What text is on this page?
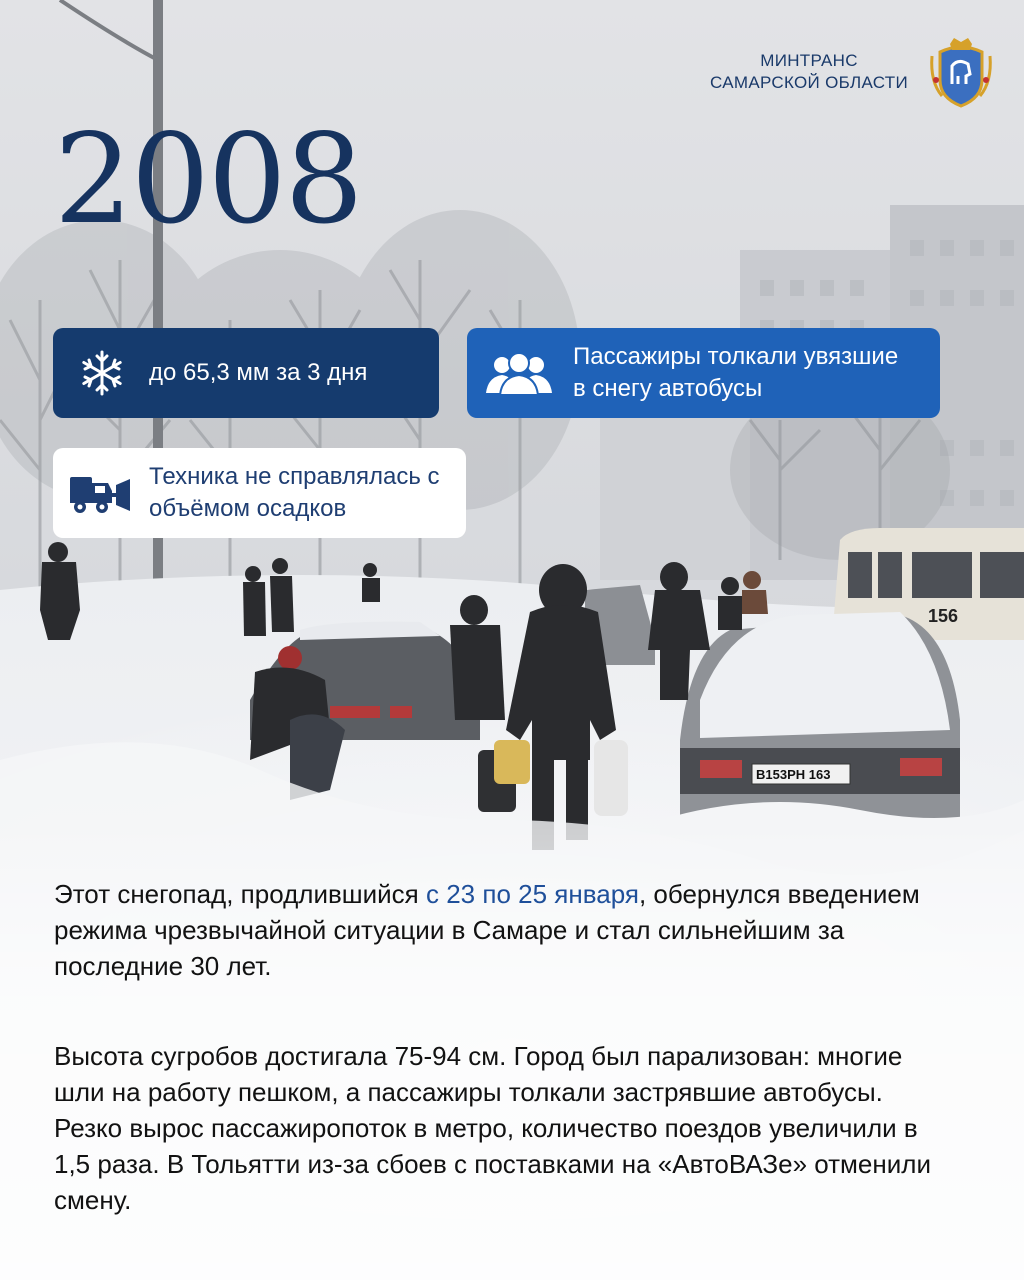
156
В153РН 163
МИНТРАНС
САМАРСКОЙ ОБЛАСТИ
2008
до 65,3 мм за 3 дня
Пассажиры толкали увязшие
в снегу автобусы
Техника не справлялась с
объёмом осадков
Этот снегопад, продлившийся с 23 по 25 января, обернулся введением режима чрезвычайной ситуации в Самаре и стал сильнейшим за последние 30 лет.
Высота сугробов достигала 75-94 см. Город был парализован: многие шли на работу пешком, а пассажиры толкали застрявшие автобусы. Резко вырос пассажиропоток в метро, количество поездов увеличили в 1,5 раза. В Тольятти из-за сбоев с поставками на «АвтоВАЗе» отменили смену.
